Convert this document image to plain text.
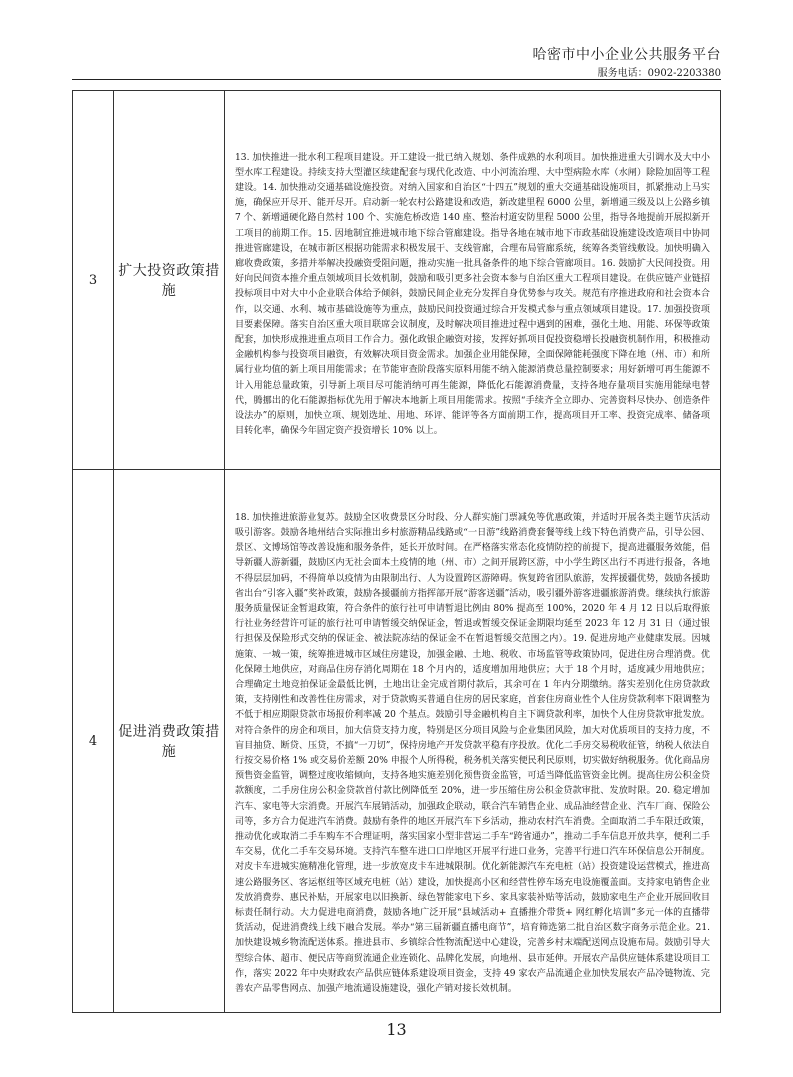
哈密市中小企业公共服务平台
服务电话：0902-2203380
3	扩大投资政策措施	13. 加快推进一批水利工程项目建设。开工建设一批已纳入规划、条件成熟的水利项目。加快推进重大引调水及大中小型水库工程建设。持续支持大型灌区续建配套与现代化改造、中小河流治理、大中型病险水库（水闸）除险加固等工程建设。14. 加快推动交通基础设施投资。对纳入国家和自治区“十四五”规划的重大交通基础设施项目，抓紧推动上马实施，确保应开尽开、能开尽开。启动新一轮农村公路建设和改造，新改建里程 6000 公里，新增通三级及以上公路乡镇 7 个、新增通硬化路自然村 100 个、实施危桥改造 140 座、整治村道安防里程 5000 公里，指导各地提前开展拟新开工项目的前期工作。15. 因地制宜推进城市地下综合管廊建设。指导各地在城市地下市政基础设施建设改造项目中协同推进管廊建设，在城市新区根据功能需求积极发展干、支线管廊，合理布局管廊系统，统筹各类管线敷设。加快明确入廊收费政策，多措并举解决投融资受阻问题，推动实施一批具备条件的地下综合管廊项目。16. 鼓励扩大民间投资。用好向民间资本推介重点领域项目长效机制，鼓励和吸引更多社会资本参与自治区重大工程项目建设。在供应链产业链招投标项目中对大中小企业联合体给予倾斜，鼓励民间企业充分发挥自身优势参与攻关。规范有序推进政府和社会资本合作，以交通、水利、城市基础设施等为重点，鼓励民间投资通过综合开发模式参与重点领域项目建设。17. 加强投资项目要素保障。落实自治区重大项目联席会议制度，及时解决项目推进过程中遇到的困难，强化土地、用能、环保等政策配套，加快形成推进重点项目工作合力。强化政银企融资对接，发挥好抓项目促投资稳增长投融资机制作用，积极推动金融机构参与投资项目融资，有效解决项目资金需求。加强企业用能保障，全面保障能耗强度下降在地（州、市）和所属行业均值的新上项目用能需求；在节能审查阶段落实原料用能不纳入能源消费总量控制要求；用好新增可再生能源不计入用能总量政策，引导新上项目尽可能消纳可再生能源，降低化石能源消费量，支持各地存量项目实施用能绿电替代，腾挪出的化石能源指标优先用于解决本地新上项目用能需求。按照“手续齐全立即办、完善资料尽快办、创造条件设法办”的原则，加快立项、规划选址、用地、环评、能评等各方面前期工作，提高项目开工率、投资完成率、储备项目转化率，确保今年固定资产投资增长 10% 以上。

4	促进消费政策措施	18. 加快推进旅游业复苏。鼓励全区收费景区分时段、分人群实施门票减免等优惠政策，并适时开展各类主题节庆活动吸引游客。鼓励各地州结合实际推出乡村旅游精品线路或“一日游”线路消费套餐等线上线下特色消费产品，引导公园、景区、文博场馆等改善设施和服务条件，延长开放时间。在严格落实常态化疫情防控的前提下，提高进疆服务效能，倡导新疆人游新疆，鼓励区内无社会面本土疫情的地（州、市）之间开展跨区游，中小学生跨区出行不再进行报备，各地不得层层加码，不得简单以疫情为由限制出行、人为设置跨区游障碍。恢复跨省团队旅游，发挥援疆优势，鼓励各援助省出台“引客入疆”奖补政策，鼓励各援疆前方指挥部开展“游客送疆”活动，吸引疆外游客进疆旅游消费。继续执行旅游服务质量保证金暂退政策，符合条件的旅行社可申请暂退比例由 80% 提高至 100%，2020 年 4 月 12 日以后取得旅行社业务经营许可证的旅行社可申请暂缓交纳保证金，暂退或暂缓交保证金期限均延至 2023 年 12 月 31 日（通过银行担保及保险形式交纳的保证金、被法院冻结的保证金不在暂退暂缓交范围之内）。19. 促进房地产业健康发展。因城施策、一城一策，统筹推进城市区域住房建设，加强金融、土地、税收、市场监管等政策协同，促进住房合理消费。优化保障土地供应，对商品住房存消化周期在 18 个月内的，适度增加用地供应；大于 18 个月时，适度减少用地供应；合理确定土地竞拍保证金最低比例，土地出让金完成首期付款后，其余可在 1 年内分期缴纳。落实差别化住房贷款政策，支持刚性和改善性住房需求，对于贷款购买普通自住房的居民家庭，首套住房商业性个人住房贷款利率下限调整为不低于相应期限贷款市场报价利率减 20 个基点。鼓励引导金融机构自主下调贷款利率，加快个人住房贷款审批发放。对符合条件的房企和项目，加大信贷支持力度，特别是区分项目风险与企业集团风险，加大对优质项目的支持力度，不盲目抽贷、断贷、压贷，不搞“一刀切”，保持房地产开发贷款平稳有序投放。优化二手房交易税收征管，纳税人依法自行按交易价格 1% 或交易价差额 20% 申报个人所得税，税务机关落实便民利民原则，切实做好纳税服务。优化商品房预售资金监管，调整过度收缩倾向，支持各地实施差别化预售资金监管，可适当降低监管资金比例。提高住房公积金贷款额度，二手房住房公积金贷款首付款比例降低至 20%，进一步压缩住房公积金贷款审批、发放时限。20. 稳定增加汽车、家电等大宗消费。开展汽车展销活动，加强政企联动，联合汽车销售企业、成品油经营企业、汽车厂商、保险公司等，多方合力促进汽车消费。鼓励有条件的地区开展汽车下乡活动，推动农村汽车消费。全面取消二手车限迁政策，推动优化或取消二手车购车不合理证明，落实国家小型非营运二手车“跨省通办”，推动二手车信息开放共享，便利二手车交易，优化二手车交易环境。支持汽车整车进口口岸地区开展平行进口业务，完善平行进口汽车环保信息公开制度。对皮卡车进城实施精准化管理，进一步放宽皮卡车进城限制。优化新能源汽车充电桩（站）投资建设运营模式，推进高速公路服务区、客运枢纽等区域充电桩（站）建设，加快提高小区和经营性停车场充电设施覆盖面。支持家电销售企业发放消费券、惠民补贴，开展家电以旧换新、绿色智能家电下乡、家具家装补贴等活动，鼓励家电生产企业开展回收目标责任制行动。大力促进电商消费，鼓励各地广泛开展“县域活动+ 直播推介带货+ 网红孵化培训”多元一体的直播带货活动，促进消费线上线下融合发展。举办“第三届新疆直播电商节”，培育筛选第二批自治区数字商务示范企业。21. 加快建设城乡物流配送体系。推进县市、乡镇综合性物流配送中心建设，完善乡村末端配送网点设施布局。鼓励引导大型综合体、超市、便民店等商贸流通企业连锁化、品牌化发展，向地州、县市延伸。开展农产品供应链体系建设项目工作，落实 2022 年中央财政农产品供应链体系建设项目资金，支持 49 家农产品流通企业加快发展农产品冷链物流、完善农产品零售网点、加强产地流通设施建设，强化产销对接长效机制。
13
